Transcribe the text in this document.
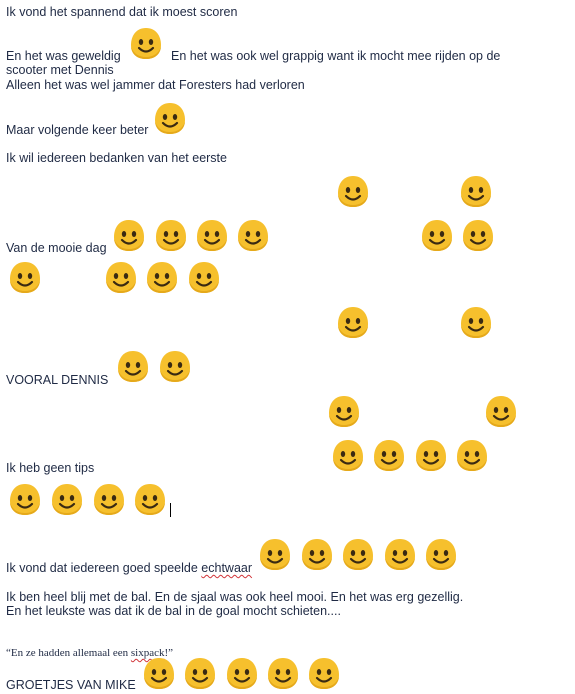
Ik vond het spannend dat ik moest scoren

En het was geweldig	En het was ook wel grappig want ik mocht mee rijden op de

scooter met Dennis

Alleen het was wel jammer dat Foresters had verloren

Maar volgende keer beter

Ik wil iedereen bedanken van het eerste

Van de mooie dag

VOORAL DENNIS

Ik heb geen tips

Ik vond dat iedereen goed speelde echtwaar

Ik ben heel blij met de bal. En de sjaal was ook heel mooi. En het was erg gezellig.

En het leukste was dat ik de bal in de goal mocht schieten....

“En ze hadden allemaal een sixpack!”

GROETJES VAN MIKE
